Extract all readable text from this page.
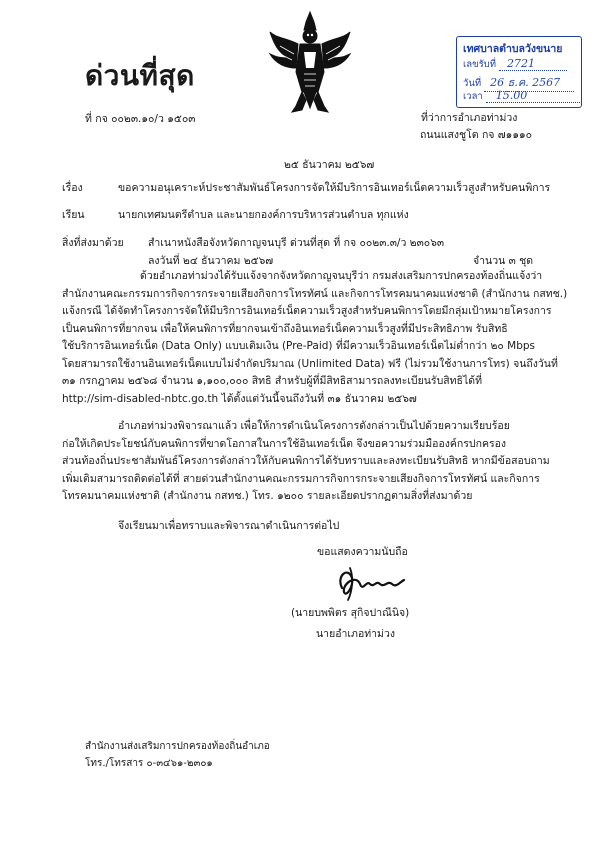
เทศบาลตำบลวังขนาย
เลขรับที่ 2721
วันที่ 26 ธ.ค. 2567
เวลา 15.00
ด่วนที่สุด
ที่ กจ ๐๐๒๓.๑๐/ว ๑๕๐๓	ที่ว่าการอำเภอท่าม่วง
ถนนแสงชูโต กจ ๗๑๑๑๐
๒๕ ธันวาคม ๒๕๖๗
เรื่อง	ขอความอนุเคราะห์ประชาสัมพันธ์โครงการจัดให้มีบริการอินเทอร์เน็ตความเร็วสูงสำหรับคนพิการ
เรียน	นายกเทศมนตรีตำบล และนายกองค์การบริหารส่วนตำบล ทุกแห่ง
สิ่งที่ส่งมาด้วย สำเนาหนังสือจังหวัดกาญจนบุรี ด่วนที่สุด ที่ กจ ๐๐๒๓.๓/ว ๒๓๐๖๓
ลงวันที่ ๒๔ ธันวาคม ๒๕๖๗	จำนวน ๓ ชุด
ด้วยอำเภอท่าม่วงได้รับแจ้งจากจังหวัดกาญจนบุรีว่า กรมส่งเสริมการปกครองท้องถิ่นแจ้งว่า
สำนักงานคณะกรรมการกิจการกระจายเสียงกิจการโทรทัศน์ และกิจการโทรคมนาคมแห่งชาติ (สำนักงาน กสทช.)
แจ้งกรณี ได้จัดทำโครงการจัดให้มีบริการอินเทอร์เน็ตความเร็วสูงสำหรับคนพิการโดยมีกลุ่มเป้าหมายโครงการ
เป็นคนพิการที่ยากจน เพื่อให้คนพิการที่ยากจนเข้าถึงอินเทอร์เน็ตความเร็วสูงที่มีประสิทธิภาพ รับสิทธิ
ใช้บริการอินเทอร์เน็ต (Data Only) แบบเติมเงิน (Pre-Paid) ที่มีความเร็วอินเทอร์เน็ตไม่ต่ำกว่า ๒๐ Mbps
โดยสามารถใช้งานอินเทอร์เน็ตแบบไม่จำกัดปริมาณ (Unlimited Data) ฟรี (ไม่รวมใช้งานการโทร) จนถึงวันที่
๓๑ กรกฎาคม ๒๕๖๘ จำนวน ๑,๑๐๐,๐๐๐ สิทธิ สำหรับผู้ที่มีสิทธิสามารถลงทะเบียนรับสิทธิได้ที่
http://sim-disabled-nbtc.go.th ได้ตั้งแต่วันนี้จนถึงวันที่ ๓๑ ธันวาคม ๒๕๖๗
อำเภอท่าม่วงพิจารณาแล้ว เพื่อให้การดำเนินโครงการดังกล่าวเป็นไปด้วยความเรียบร้อย
ก่อให้เกิดประโยชน์กับคนพิการที่ขาดโอกาสในการใช้อินเทอร์เน็ต จึงขอความร่วมมือองค์กรปกครอง
ส่วนท้องถิ่นประชาสัมพันธ์โครงการดังกล่าวให้กับคนพิการได้รับทราบและลงทะเบียนรับสิทธิ หากมีข้อสอบถาม
เพิ่มเติมสามารถติดต่อได้ที่ สายด่วนสำนักงานคณะกรรมการกิจการกระจายเสียงกิจการโทรทัศน์ และกิจการ
โทรคมนาคมแห่งชาติ (สำนักงาน กสทช.) โทร. ๑๒๐๐ รายละเอียดปรากฏตามสิ่งที่ส่งมาด้วย
จึงเรียนมาเพื่อทราบและพิจารณาดำเนินการต่อไป
ขอแสดงความนับถือ
(นายบพพิตร สุกิจปาณีนิจ)
นายอำเภอท่าม่วง
สำนักงานส่งเสริมการปกครองท้องถิ่นอำเภอ
โทร./โทรสาร ๐-๓๔๖๑-๒๓๐๑
